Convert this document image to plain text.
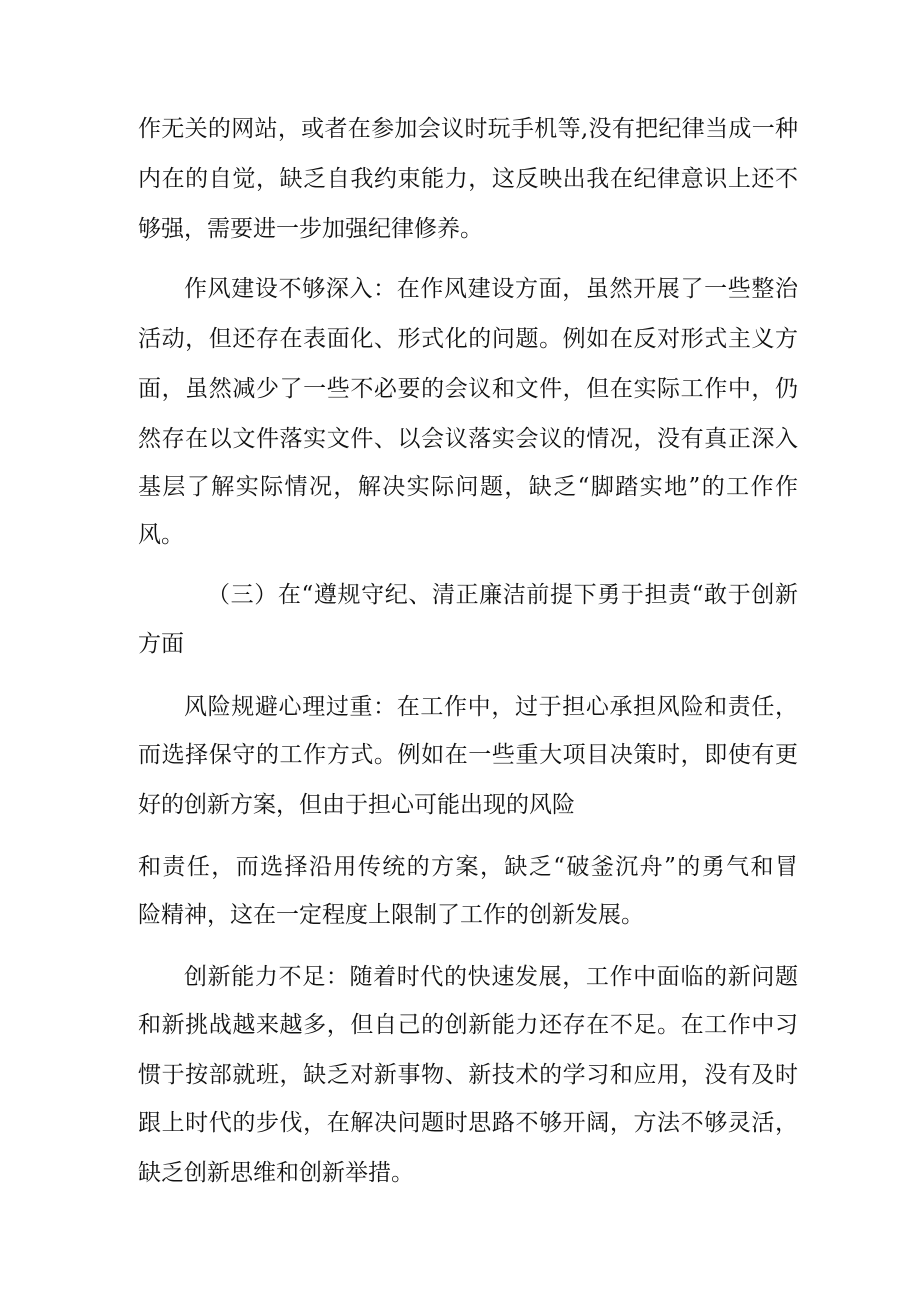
作无关的网站，或者在参加会议时玩手机等,没有把纪律当成一种
内在的自觉，缺乏自我约束能力，这反映出我在纪律意识上还不
够强，需要进一步加强纪律修养。
作风建设不够深入：在作风建设方面，虽然开展了一些整治
活动，但还存在表面化、形式化的问题。例如在反对形式主义方
面，虽然减少了一些不必要的会议和文件，但在实际工作中，仍
然存在以文件落实文件、以会议落实会议的情况，没有真正深入
基层了解实际情况，解决实际问题，缺乏“脚踏实地”的工作作
风。
（三）在“遵规守纪、清正廉洁前提下勇于担责“敢于创新
方面
风险规避心理过重：在工作中，过于担心承担风险和责任，
而选择保守的工作方式。例如在一些重大项目决策时，即使有更
好的创新方案，但由于担心可能出现的风险
和责任，而选择沿用传统的方案，缺乏“破釜沉舟”的勇气和冒
险精神，这在一定程度上限制了工作的创新发展。
创新能力不足：随着时代的快速发展，工作中面临的新问题
和新挑战越来越多，但自己的创新能力还存在不足。在工作中习
惯于按部就班，缺乏对新事物、新技术的学习和应用，没有及时
跟上时代的步伐，在解决问题时思路不够开阔，方法不够灵活，
缺乏创新思维和创新举措。
